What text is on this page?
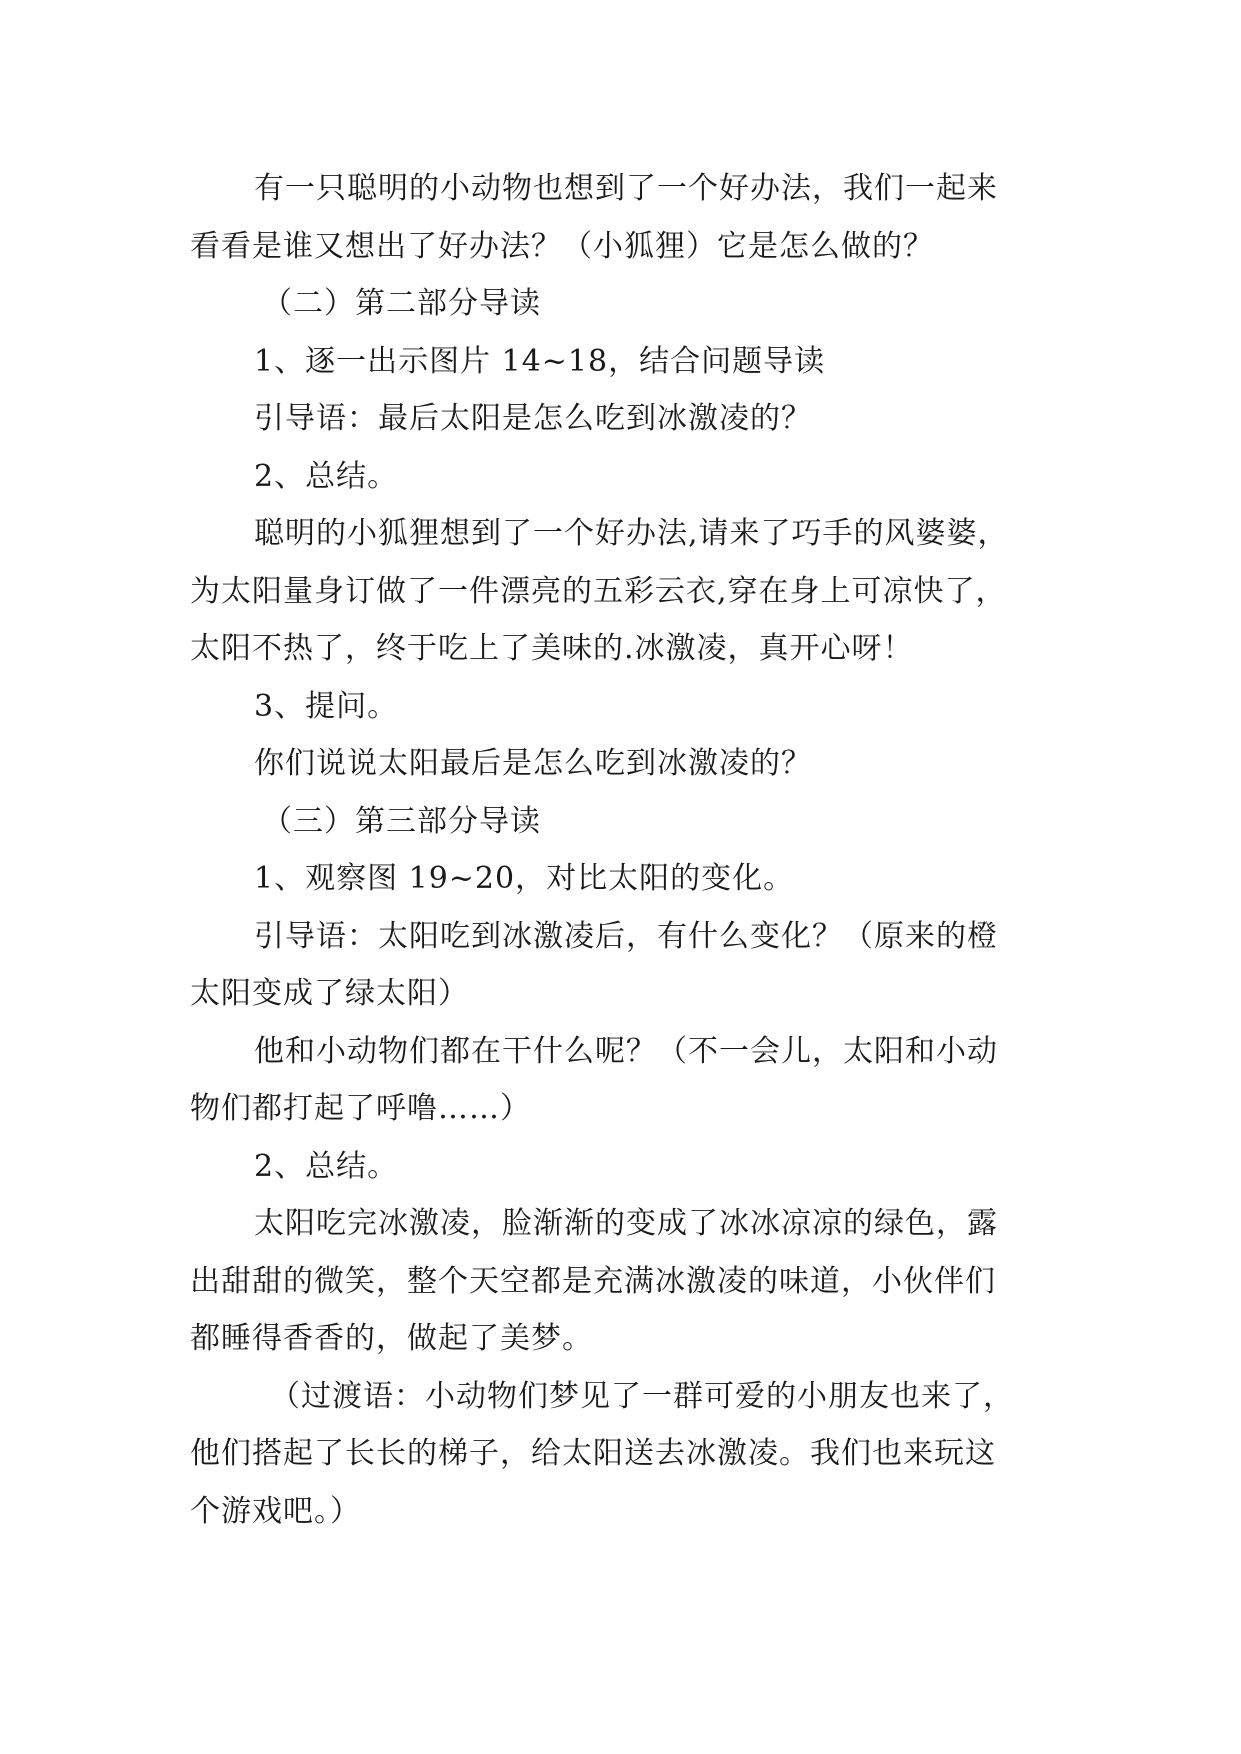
有一只聪明的小动物也想到了一个好办法，我们一起来
看看是谁又想出了好办法？（小狐狸）它是怎么做的？
（二）第二部分导读
1、逐一出示图片 14~18，结合问题导读
引导语：最后太阳是怎么吃到冰激凌的？
2、总结。
聪明的小狐狸想到了一个好办法,请来了巧手的风婆婆，
为太阳量身订做了一件漂亮的五彩云衣,穿在身上可凉快了，
太阳不热了，终于吃上了美味的.冰激凌，真开心呀！
3、提问。
你们说说太阳最后是怎么吃到冰激凌的？
（三）第三部分导读
1、观察图 19~20，对比太阳的变化。
引导语：太阳吃到冰激凌后，有什么变化？（原来的橙
太阳变成了绿太阳）
他和小动物们都在干什么呢？（不一会儿，太阳和小动
物们都打起了呼噜……）
2、总结。
太阳吃完冰激凌，脸渐渐的变成了冰冰凉凉的绿色，露
出甜甜的微笑，整个天空都是充满冰激凌的味道，小伙伴们
都睡得香香的，做起了美梦。
（过渡语：小动物们梦见了一群可爱的小朋友也来了，
他们搭起了长长的梯子，给太阳送去冰激凌。我们也来玩这
个游戏吧。）
